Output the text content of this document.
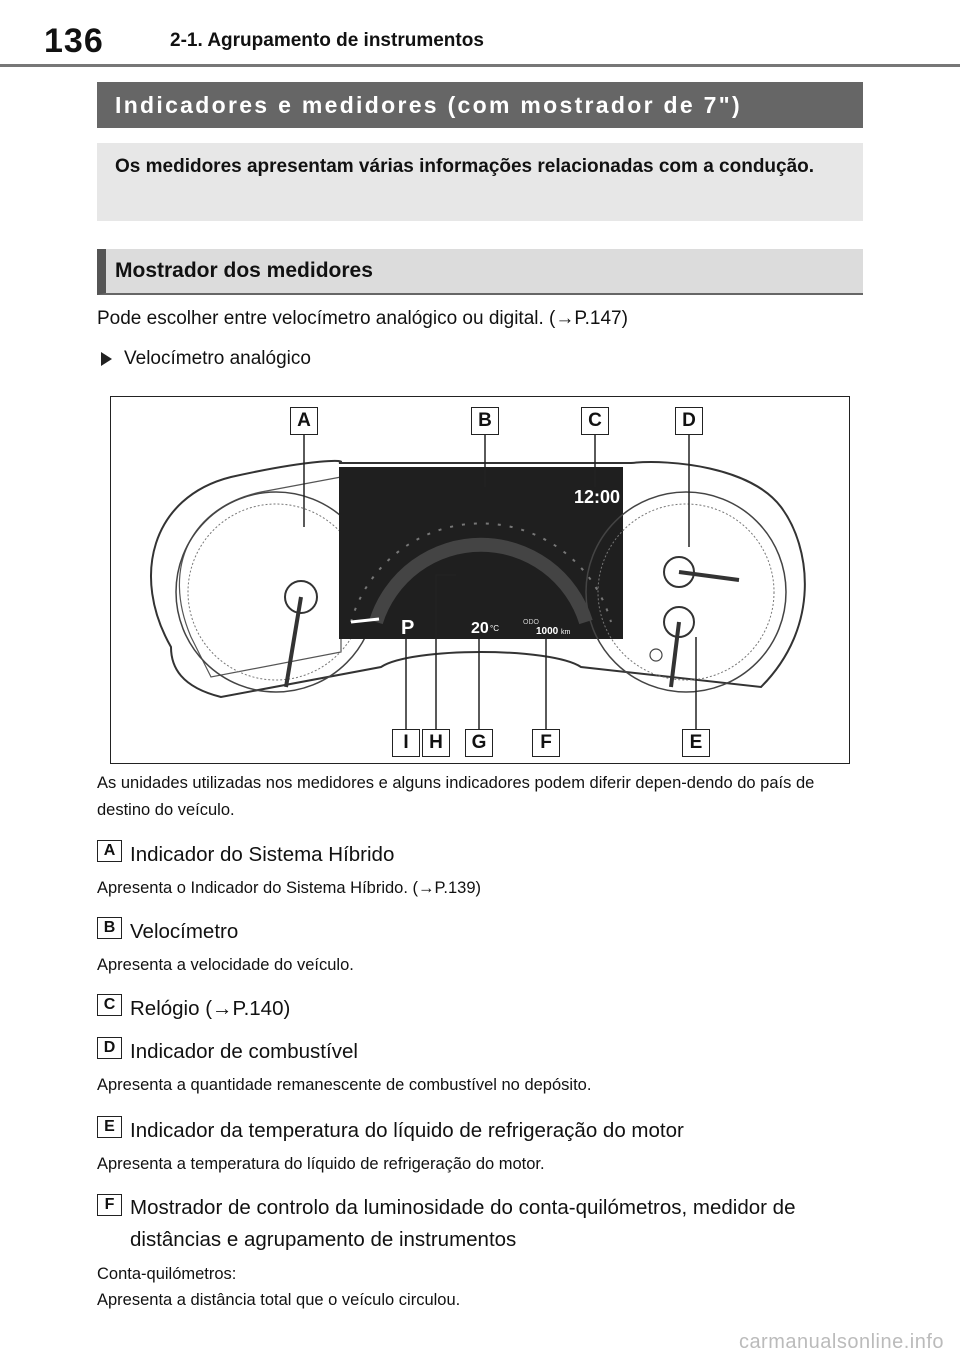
136	2-1. Agrupamento de instrumentos
Indicadores e medidores (com mostrador de 7")
Os medidores apresentam várias informações relacionadas com a condução.
Mostrador dos medidores
Pode escolher entre velocímetro analógico ou digital. (→P.147)
Velocímetro analógico
12:00
P	20 °C
ODO
1000 km
A	B	C	D
I	H	G	F	E
As unidades utilizadas nos medidores e alguns indicadores podem diferir depen-dendo do país de destino do veículo.
A Indicador do Sistema Híbrido
Apresenta o Indicador do Sistema Híbrido. (→P.139)
B Velocímetro
Apresenta a velocidade do veículo.
C Relógio (→P.140)
D Indicador de combustível
Apresenta a quantidade remanescente de combustível no depósito.
E Indicador da temperatura do líquido de refrigeração do motor
Apresenta a temperatura do líquido de refrigeração do motor.
F Mostrador de controlo da luminosidade do conta-quilómetros, medidor de distâncias e agrupamento de instrumentos
Conta-quilómetros:
Apresenta a distância total que o veículo circulou.
carmanualsonline.info
